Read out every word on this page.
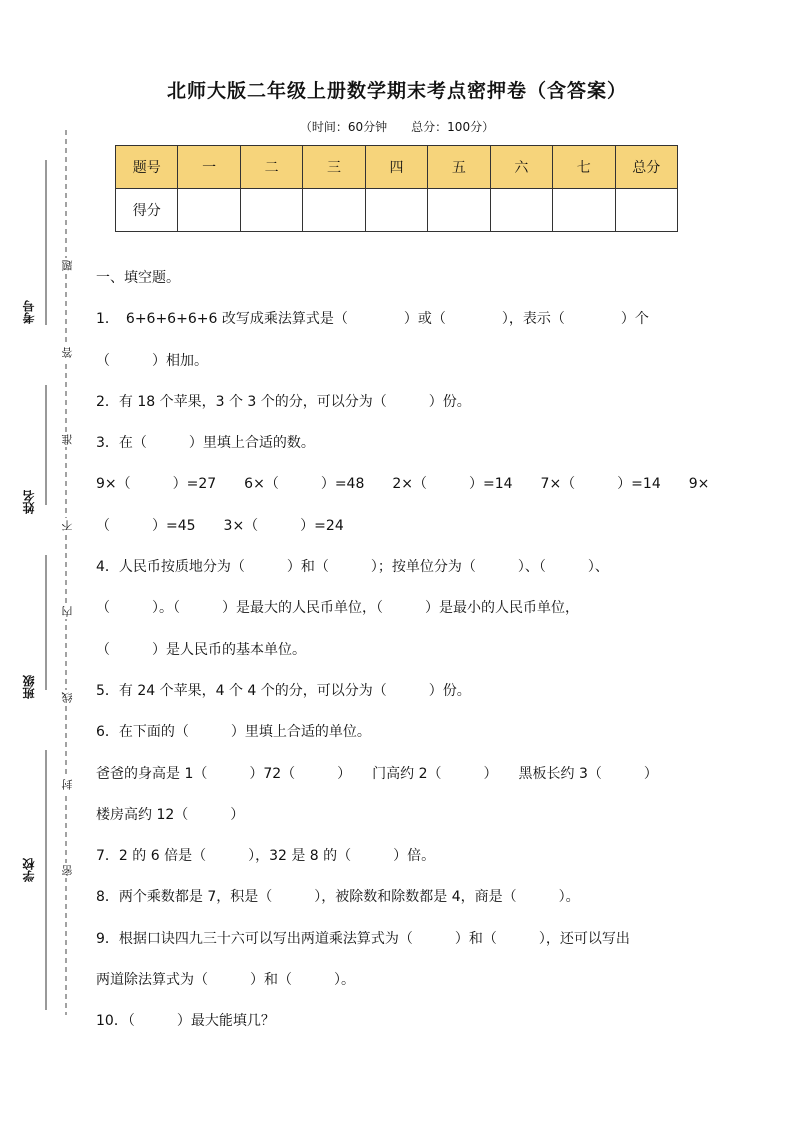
北师大版二年级上册数学期末考点密押卷（含答案）
（时间：60分钟　　总分：100分）
题号	一	二	三	四	五	六	七	总分
得分								
考号
姓名
班级
学校
题
答
准
不
内
线
封
密
一、填空题。
1．　6+6+6+6+6 改写成乘法算式是（　　　　）或（　　　　），表示（　　　　）个
（　　　）相加。
2．有 18 个苹果，3 个 3 个的分，可以分为（　　　）份。
3．在（　　　）里填上合适的数。
9×（　　　）=27　　6×（　　　）=48　　2×（　　　）=14　　7×（　　　）=14　　9×
（　　　）=45　　3×（　　　）=24
4．人民币按质地分为（　　　）和（　　　）；按单位分为（　　　）、（　　　）、
（　　　）。（　　　）是最大的人民币单位，（　　　）是最小的人民币单位，
（　　　）是人民币的基本单位。
5．有 24 个苹果，4 个 4 个的分，可以分为（　　　）份。
6．在下面的（　　　）里填上合适的单位。
爸爸的身高是 1（　　　）72（　　　）　　门高约 2（　　　）　　黑板长约 3（　　　）
楼房高约 12（　　　）
7．2 的 6 倍是（　　　），32 是 8 的（　　　）倍。
8．两个乘数都是 7，积是（　　　），被除数和除数都是 4，商是（　　　）。
9．根据口诀四九三十六可以写出两道乘法算式为（　　　）和（　　　），还可以写出
两道除法算式为（　　　）和（　　　）。
10．（　　　）最大能填几？
